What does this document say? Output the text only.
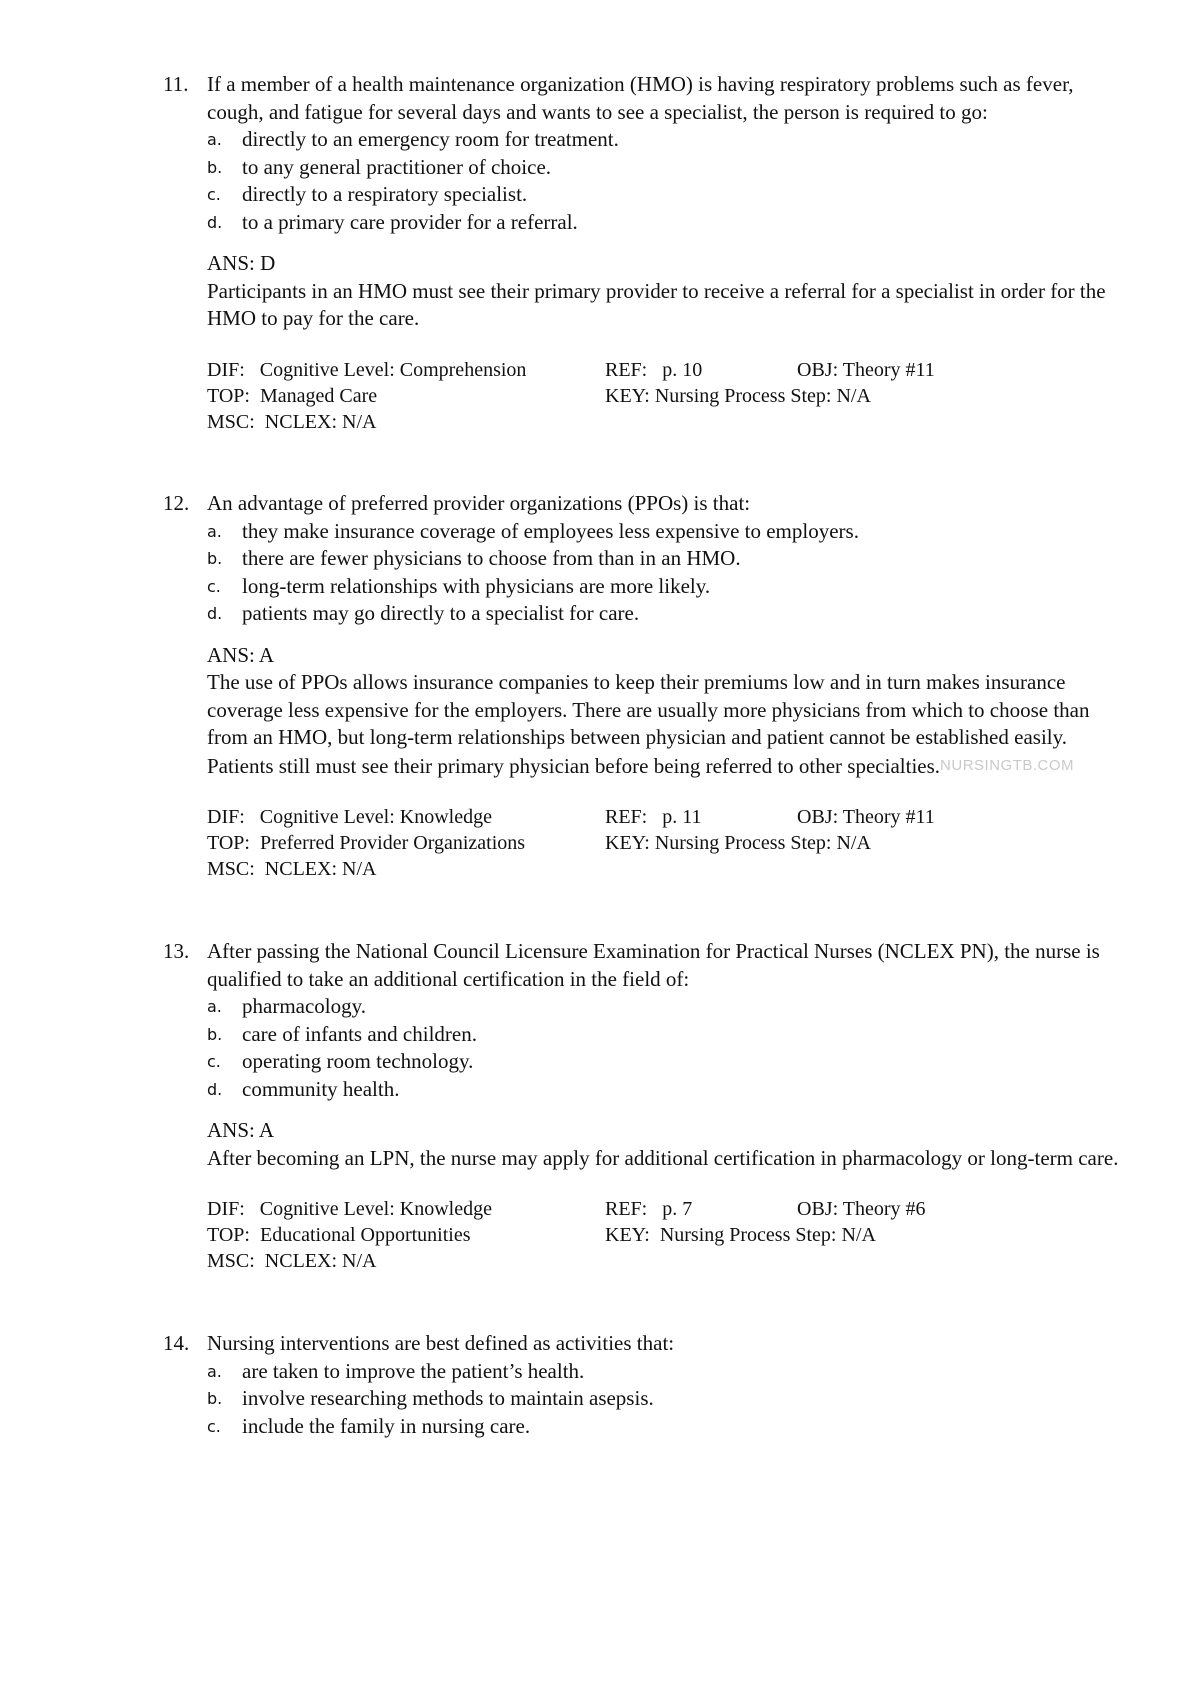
11. If a member of a health maintenance organization (HMO) is having respiratory problems such as fever, cough, and fatigue for several days and wants to see a specialist, the person is required to go:
a. directly to an emergency room for treatment.
b. to any general practitioner of choice.
c. directly to a respiratory specialist.
d. to a primary care provider for a referral.
ANS: D
Participants in an HMO must see their primary provider to receive a referral for a specialist in order for the HMO to pay for the care.
DIF:   Cognitive Level: Comprehension	REF:   p. 10	OBJ: Theory #11
TOP:  Managed Care	KEY: Nursing Process Step: N/A
MSC:  NCLEX: N/A
12. An advantage of preferred provider organizations (PPOs) is that:
a. they make insurance coverage of employees less expensive to employers.
b. there are fewer physicians to choose from than in an HMO.
c. long-term relationships with physicians are more likely.
d. patients may go directly to a specialist for care.
ANS: A
The use of PPOs allows insurance companies to keep their premiums low and in turn makes insurance coverage less expensive for the employers. There are usually more physicians from which to choose than from an HMO, but long-term relationships between physician and patient cannot be established easily. Patients still must see their primary physician before being referred to other specialties.NURSINGTB.COM
DIF:   Cognitive Level: Knowledge	REF:   p. 11	OBJ: Theory #11
TOP:  Preferred Provider Organizations	KEY: Nursing Process Step: N/A
MSC:  NCLEX: N/A
13. After passing the National Council Licensure Examination for Practical Nurses (NCLEX PN), the nurse is qualified to take an additional certification in the field of:
a. pharmacology.
b. care of infants and children.
c. operating room technology.
d. community health.
ANS: A
After becoming an LPN, the nurse may apply for additional certification in pharmacology or long-term care.
DIF:   Cognitive Level: Knowledge	REF:   p. 7	OBJ: Theory #6
TOP:  Educational Opportunities	KEY:  Nursing Process Step: N/A
MSC:  NCLEX: N/A
14. Nursing interventions are best defined as activities that:
a. are taken to improve the patient’s health.
b. involve researching methods to maintain asepsis.
c. include the family in nursing care.
